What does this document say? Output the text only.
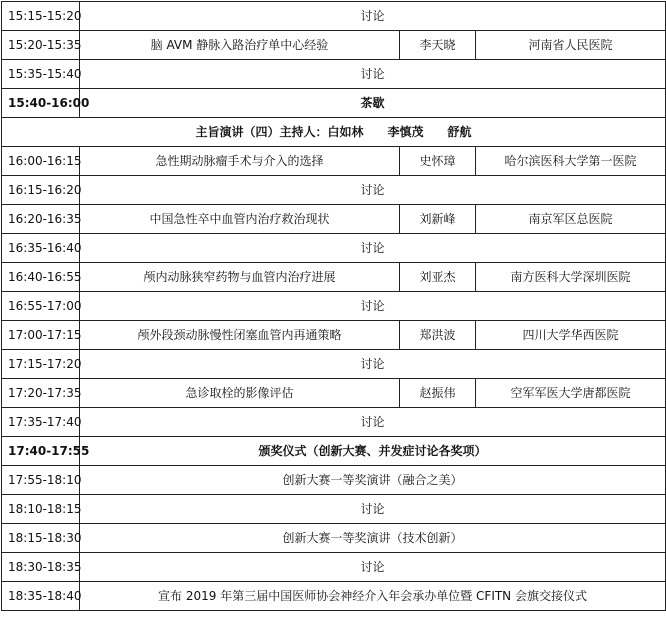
15:15-15:20	讨论		
15:20-15:35	脑 AVM 静脉入路治疗单中心经验	李天晓	河南省人民医院
15:35-15:40	讨论		
15:40-16:00	茶歇		
主旨演讲（四）主持人：白如林　　李慎茂　　舒航			
16:00-16:15	急性期动脉瘤手术与介入的选择	史怀璋	哈尔滨医科大学第一医院
16:15-16:20	讨论		
16:20-16:35	中国急性卒中血管内治疗救治现状	刘新峰	南京军区总医院
16:35-16:40	讨论		
16:40-16:55	颅内动脉狭窄药物与血管内治疗进展	刘亚杰	南方医科大学深圳医院
16:55-17:00	讨论		
17:00-17:15	颅外段颈动脉慢性闭塞血管内再通策略	郑洪波	四川大学华西医院
17:15-17:20	讨论		
17:20-17:35	急诊取栓的影像评估	赵振伟	空军军医大学唐都医院
17:35-17:40	讨论		
17:40-17:55	颁奖仪式（创新大赛、并发症讨论各奖项）		
17:55-18:10	创新大赛一等奖演讲（融合之美）		
18:10-18:15	讨论		
18:15-18:30	创新大赛一等奖演讲（技术创新）		
18:30-18:35	讨论		
18:35-18:40	宣布 2019 年第三届中国医师协会神经介入年会承办单位暨 CFITN 会旗交接仪式		
